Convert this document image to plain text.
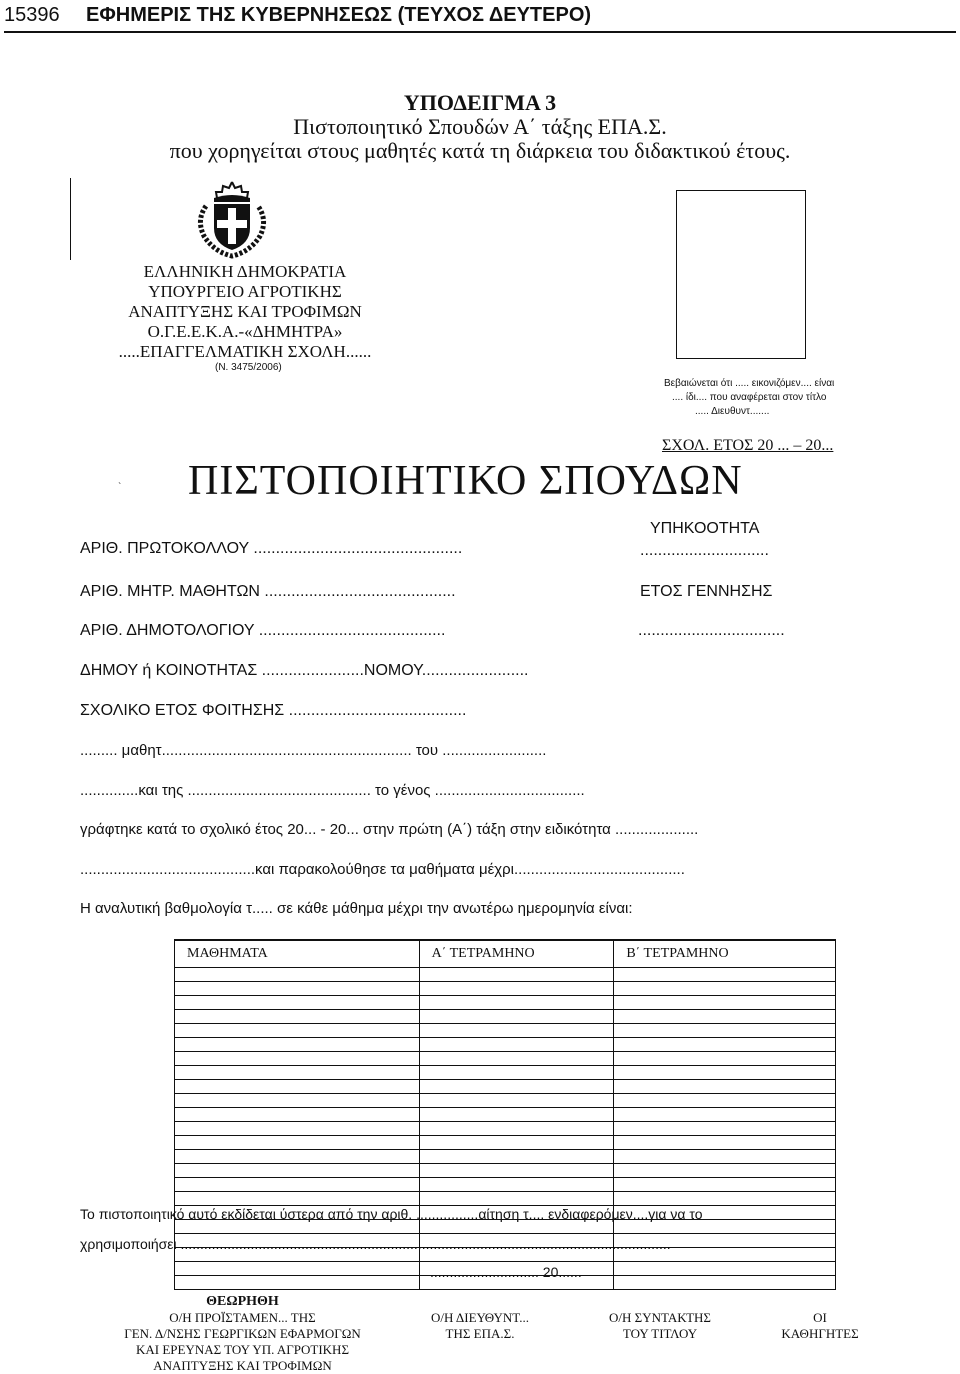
15396 ΕΦΗΜΕΡΙΣ ΤΗΣ ΚΥΒΕΡΝΗΣΕΩΣ (ΤΕΥΧΟΣ ΔΕΥΤΕΡΟ)
ΥΠΟΔΕΙΓΜΑ 3
Πιστοποιητικό Σπουδών Α΄ τάξης ΕΠΑ.Σ.
που χορηγείται στους μαθητές κατά τη διάρκεια του διδακτικού έτους.
ΕΛΛΗΝΙΚΗ ΔΗΜΟΚΡΑΤΙΑ
ΥΠΟΥΡΓΕΙΟ ΑΓΡΟΤΙΚΗΣ
ΑΝΑΠΤΥΞΗΣ ΚΑΙ ΤΡΟΦΙΜΩΝ
Ο.Γ.Ε.Ε.Κ.Α.-«ΔΗΜΗΤΡΑ»
.....ΕΠΑΓΓΕΛΜΑΤΙΚΗ ΣΧΟΛΗ......
(Ν. 3475/2006)
Βεβαιώνεται ότι ..... εικονιζόμεν.... είναι
.... ίδι.... που αναφέρεται στον τίτλο
..... Διευθυντ.......
ΣΧΟΛ. ΕΤΟΣ 20 ... – 20...
ΠΙΣΤΟΠΟΙΗΤΙΚΟ ΣΠΟΥΔΩΝ
`
ΑΡΙΘ. ΠΡΩΤΟΚΟΛΛΟΥ ...............................................
ΥΠΗΚΟΟΤΗΤΑ
.............................
ΑΡΙΘ. ΜΗΤΡ. ΜΑΘΗΤΩΝ ...........................................	ΕΤΟΣ ΓΕΝΝΗΣΗΣ
ΑΡΙΘ. ΔΗΜΟΤΟΛΟΓΙΟΥ ..........................................	.................................
ΔΗΜΟΥ ή ΚΟΙΝΟΤΗΤΑΣ .......................ΝΟΜΟΥ........................
ΣΧΟΛΙΚΟ ΕΤΟΣ ΦΟΙΤΗΣΗΣ ........................................
......... μαθητ............................................................ του .........................
..............και της ............................................ το γένος ....................................
γράφτηκε κατά το σχολικό έτος 20... - 20... στην πρώτη (Α΄) τάξη στην ειδικότητα ....................
..........................................και παρακολούθησε τα μαθήματα μέχρι.........................................
Η αναλυτική βαθμολογία τ..... σε κάθε μάθημα μέχρι την ανωτέρω ημερομηνία είναι:
ΜΑΘΗΜΑΤΑ	Α΄ ΤΕΤΡΑΜΗΝΟ	Β΄ ΤΕΤΡΑΜΗΝΟ

Το πιστοποιητικό αυτό εκδίδεται ύστερα από την αριθ. ................αίτηση τ.... ενδιαφερόμεν....για να το
χρησιμοποιήσει ..............................................................................................................................
............................ 20......
ΘΕΩΡΗΘΗ
Ο/Η ΠΡΟΪΣΤΑΜΕΝ... ΤΗΣ
ΓΕΝ. Δ/ΝΣΗΣ ΓΕΩΡΓΙΚΩΝ ΕΦΑΡΜΟΓΩΝ
ΚΑΙ ΕΡΕΥΝΑΣ ΤΟΥ ΥΠ. ΑΓΡΟΤΙΚΗΣ
ΑΝΑΠΤΥΞΗΣ ΚΑΙ ΤΡΟΦΙΜΩΝ
Ο/Η ΔΙΕΥΘΥΝΤ...
ΤΗΣ ΕΠΑ.Σ.
Ο/Η ΣΥΝΤΑΚΤΗΣ
ΤΟΥ ΤΙΤΛΟΥ
ΟΙ
ΚΑΘΗΓΗΤΕΣ
